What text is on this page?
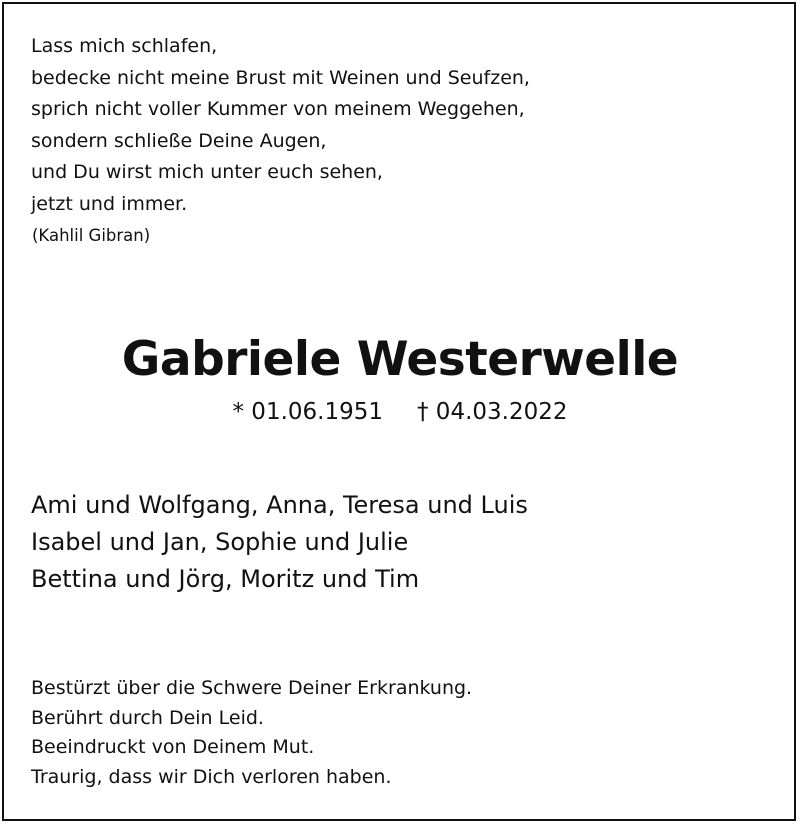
Lass mich schlafen,
bedecke nicht meine Brust mit Weinen und Seufzen,
sprich nicht voller Kummer von meinem Weggehen,
sondern schließe Deine Augen,
und Du wirst mich unter euch sehen,
jetzt und immer.
(Kahlil Gibran)
Gabriele Westerwelle
* 01.06.1951 † 04.03.2022
Ami und Wolfgang, Anna, Teresa und Luis
Isabel und Jan, Sophie und Julie
Bettina und Jörg, Moritz und Tim
Bestürzt über die Schwere Deiner Erkrankung.
Berührt durch Dein Leid.
Beeindruckt von Deinem Mut.
Traurig, dass wir Dich verloren haben.
